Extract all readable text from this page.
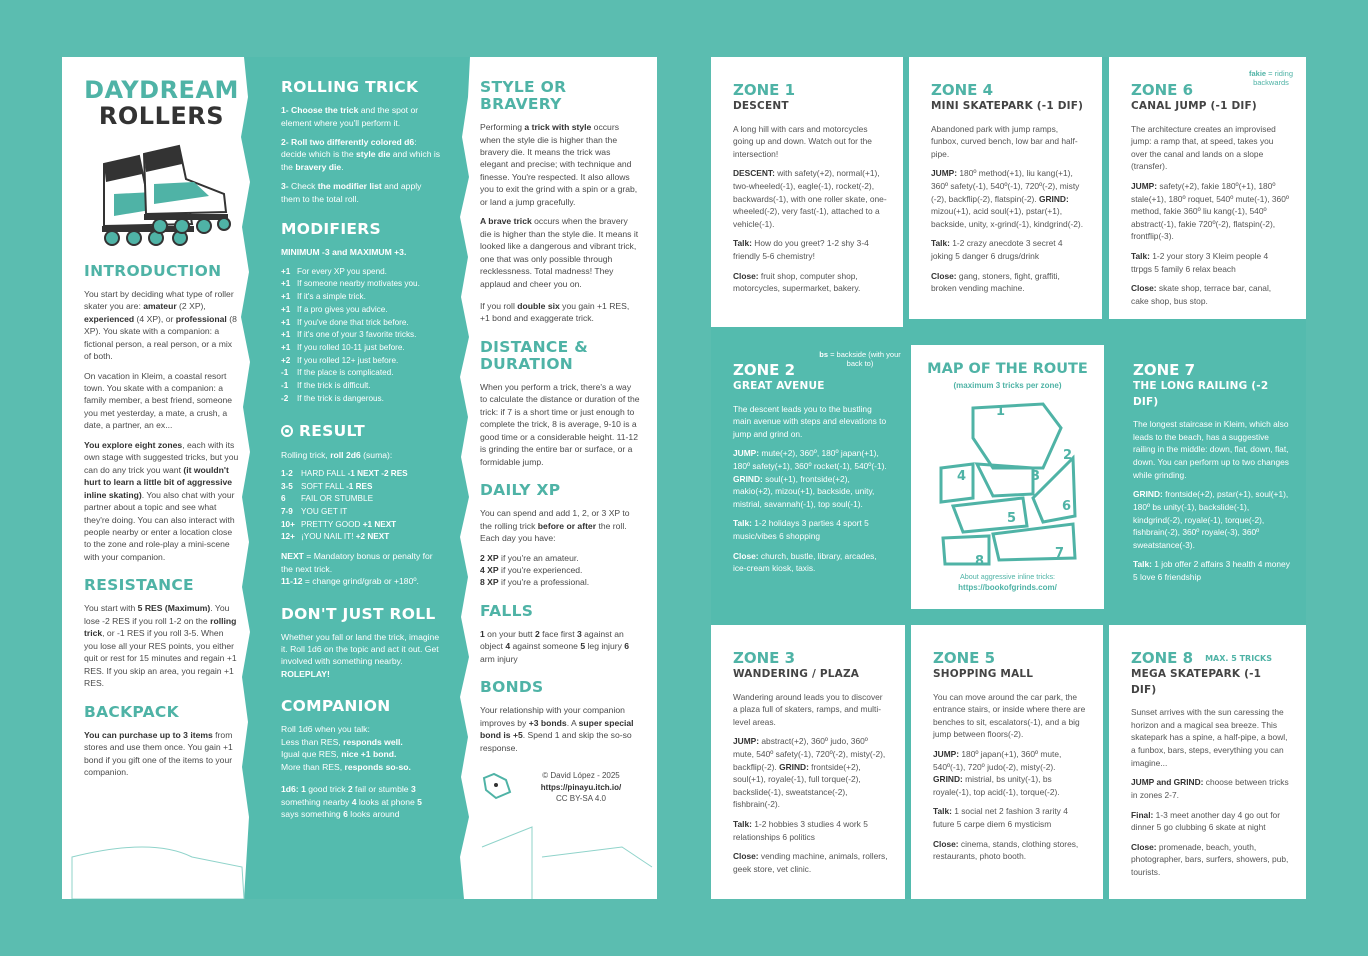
DAYDREAM
ROLLERS
INTRODUCTION

You start by deciding what type of roller skater you are: amateur (2 XP), experienced (4 XP), or professional (8 XP). You skate with a companion: a fictional person, a real person, or a mix of both.

On vacation in Kleim, a coastal resort town. You skate with a companion: a family member, a best friend, someone you met yesterday, a mate, a crush, a date, a partner, an ex...

You explore eight zones, each with its own stage with suggested tricks, but you can do any trick you want (it wouldn't hurt to learn a little bit of aggressive inline skating). You also chat with your partner about a topic and see what they're doing. You can also interact with people nearby or enter a location close to the zone and role-play a mini-scene with your companion.

RESISTANCE

You start with 5 RES (Maximum). You lose -2 RES if you roll 1-2 on the rolling trick, or -1 RES if you roll 3-5. When you lose all your RES points, you either quit or rest for 15 minutes and regain +1 RES. If you skip an area, you regain +1 RES.

BACKPACK

You can purchase up to 3 items from stores and use them once. You gain +1 bond if you gift one of the items to your companion.

ROLLING TRICK

1- Choose the trick and the spot or element where you'll perform it.

2- Roll two differently colored d6: decide which is the style die and which is the bravery die.

3- Check the modifier list and apply them to the total roll.

MODIFIERS

MINIMUM -3 and MAXIMUM +3.

+1 For every XP you spend.
+1 If someone nearby motivates you.
+1 If it's a simple trick.
+1 If a pro gives you advice.
+1 If you've done that trick before.
+1 If it's one of your 3 favorite tricks.
+1 If you rolled 10-11 just before.
+2 If you rolled 12+ just before.
-1 If the place is complicated.
-1 If the trick is difficult.
-2 If the trick is dangerous.
RESULT

Rolling trick, roll 2d6 (suma):

1-2 HARD FALL -1 NEXT -2 RES
3-5 SOFT FALL -1 RES
6 FAIL OR STUMBLE
7-9 YOU GET IT
10+ PRETTY GOOD +1 NEXT
12+ ¡YOU NAIL IT! +2 NEXT

NEXT = Mandatory bonus or penalty for the next trick.
11-12 = change grind/grab or +180º.

DON'T JUST ROLL

Whether you fall or land the trick, imagine it. Roll 1d6 on the topic and act it out. Get involved with something nearby. ROLEPLAY!

COMPANION

Roll 1d6 when you talk:
Less than RES, responds well.
Igual que RES, nice +1 bond.
More than RES, responds so-so.

1d6: 1 good trick 2 fail or stumble 3 something nearby 4 looks at phone 5 says something 6 looks around

STYLE OR BRAVERY

Performing a trick with style occurs when the style die is higher than the bravery die. It means the trick was elegant and precise; with technique and finesse. You're respected. It also allows you to exit the grind with a spin or a grab, or land a jump gracefully.

A brave trick occurs when the bravery die is higher than the style die. It means it looked like a dangerous and vibrant trick, one that was only possible through recklessness. Total madness! They applaud and cheer you on.

If you roll double six you gain +1 RES, +1 bond and exaggerate trick.

DISTANCE & DURATION

When you perform a trick, there's a way to calculate the distance or duration of the trick: if 7 is a short time or just enough to complete the trick, 8 is average, 9-10 is a good time or a considerable height. 11-12 is grinding the entire bar or surface, or a formidable jump.

DAILY XP

You can spend and add 1, 2, or 3 XP to the rolling trick before or after the roll. Each day you have:

2 XP if you're an amateur.
4 XP if you're experienced.
8 XP if you're a professional.

FALLS

1 on your butt 2 face first 3 against an object 4 against someone 5 leg injury 6 arm injury

BONDS

Your relationship with your companion improves by +3 bonds. A super special bond is +5. Spend 1 and skip the so-so response.

© David López - 2025
https://pinayu.itch.io/
CC BY-SA 4.0
ZONE 1
DESCENT

A long hill with cars and motorcycles going up and down. Watch out for the intersection!

DESCENT: with safety(+2), normal(+1), two-wheeled(-1), eagle(-1), rocket(-2), backwards(-1), with one roller skate, one-wheeled(-2), very fast(-1), attached to a vehicle(-1).

Talk: How do you greet? 1-2 shy 3-4 friendly 5-6 chemistry!

Close: fruit shop, computer shop, motorcycles, supermarket, bakery.

ZONE 4
MINI SKATEPARK (-1 DIF)

Abandoned park with jump ramps, funbox, curved bench, low bar and half-pipe.

JUMP: 180º method(+1), liu kang(+1), 360º safety(-1), 540º(-1), 720º(-2), misty (-2), backflip(-2), flatspin(-2). GRIND: mizou(+1), acid soul(+1), pstar(+1), backside, unity, x-grind(-1), kindgrind(-2).

Talk: 1-2 crazy anecdote 3 secret 4 joking 5 danger 6 drugs/drink

Close: gang, stoners, fight, graffiti, broken vending machine.

ZONE 6
CANAL JUMP (-1 DIF)

The architecture creates an improvised jump: a ramp that, at speed, takes you over the canal and lands on a slope (transfer).

JUMP: safety(+2), fakie 180º(+1), 180º stale(+1), 180º roquet, 540º mute(-1), 360º method, fakie 360º liu kang(-1), 540º abstract(-1), fakie 720º(-2), flatspin(-2), frontflip(-3).

Talk: 1-2 your story 3 Kleim people 4 ttrpgs 5 family 6 relax beach

Close: skate shop, terrace bar, canal, cake shop, bus stop.

ZONE 2
GREAT AVENUE

The descent leads you to the bustling main avenue with steps and elevations to jump and grind on.

JUMP: mute(+2), 360º, 180º japan(+1), 180º safety(+1), 360º rocket(-1), 540º(-1). GRIND: soul(+1), frontside(+2), makio(+2), mizou(+1), backside, unity, mistrial, savannah(-1), top soul(-1).

Talk: 1-2 holidays 3 parties 4 sport 5 music/vibes 6 shopping

Close: church, bustle, library, arcades, ice-cream kiosk, taxis.

MAP OF THE ROUTE
(maximum 3 tricks per zone)
1
2
3
4
5
6
7
8
About aggressive inline tricks:
https://bookofgrinds.com/
ZONE 7
THE LONG RAILING (-2 DIF)

The longest staircase in Kleim, which also leads to the beach, has a suggestive railing in the middle: down, flat, down, flat, down. You can perform up to two changes while grinding.

GRIND: frontside(+2), pstar(+1), soul(+1), 180º bs unity(-1), backslide(-1), kindgrind(-2), royale(-1), torque(-2), fishbrain(-2), 360º royale(-3), 360º sweatstance(-3).

Talk: 1 job offer 2 affairs 3 health 4 money 5 love 6 friendship

ZONE 3
WANDERING / PLAZA

Wandering around leads you to discover a plaza full of skaters, ramps, and multi-level areas.

JUMP: abstract(+2), 360º judo, 360º mute, 540º safety(-1), 720º(-2), misty(-2), backflip(-2). GRIND: frontside(+2), soul(+1), royale(-1), full torque(-2), backslide(-1), sweatstance(-2), fishbrain(-2).

Talk: 1-2 hobbies 3 studies 4 work 5 relationships 6 politics

Close: vending machine, animals, rollers, geek store, vet clinic.

ZONE 5
SHOPPING MALL

You can move around the car park, the entrance stairs, or inside where there are benches to sit, escalators(-1), and a big jump between floors(-2).

JUMP: 180º japan(+1), 360º mute, 540º(-1), 720º judo(-2), misty(-2). GRIND: mistrial, bs unity(-1), bs royale(-1), top acid(-1), torque(-2).

Talk: 1 social net 2 fashion 3 rarity 4 future 5 carpe diem 6 mysticism

Close: cinema, stands, clothing stores, restaurants, photo booth.

ZONE 8 MAX. 5 TRICKS
MEGA SKATEPARK (-1 DIF)

Sunset arrives with the sun caressing the horizon and a magical sea breeze. This skatepark has a spine, a half-pipe, a bowl, a funbox, bars, steps, everything you can imagine...

JUMP and GRIND: choose between tricks in zones 2-7.

Final: 1-3 meet another day 4 go out for dinner 5 go clubbing 6 skate at night

Close: promenade, beach, youth, photographer, bars, surfers, showers, pub, tourists.

fakie = riding backwards
bs = backside (with your back to)
